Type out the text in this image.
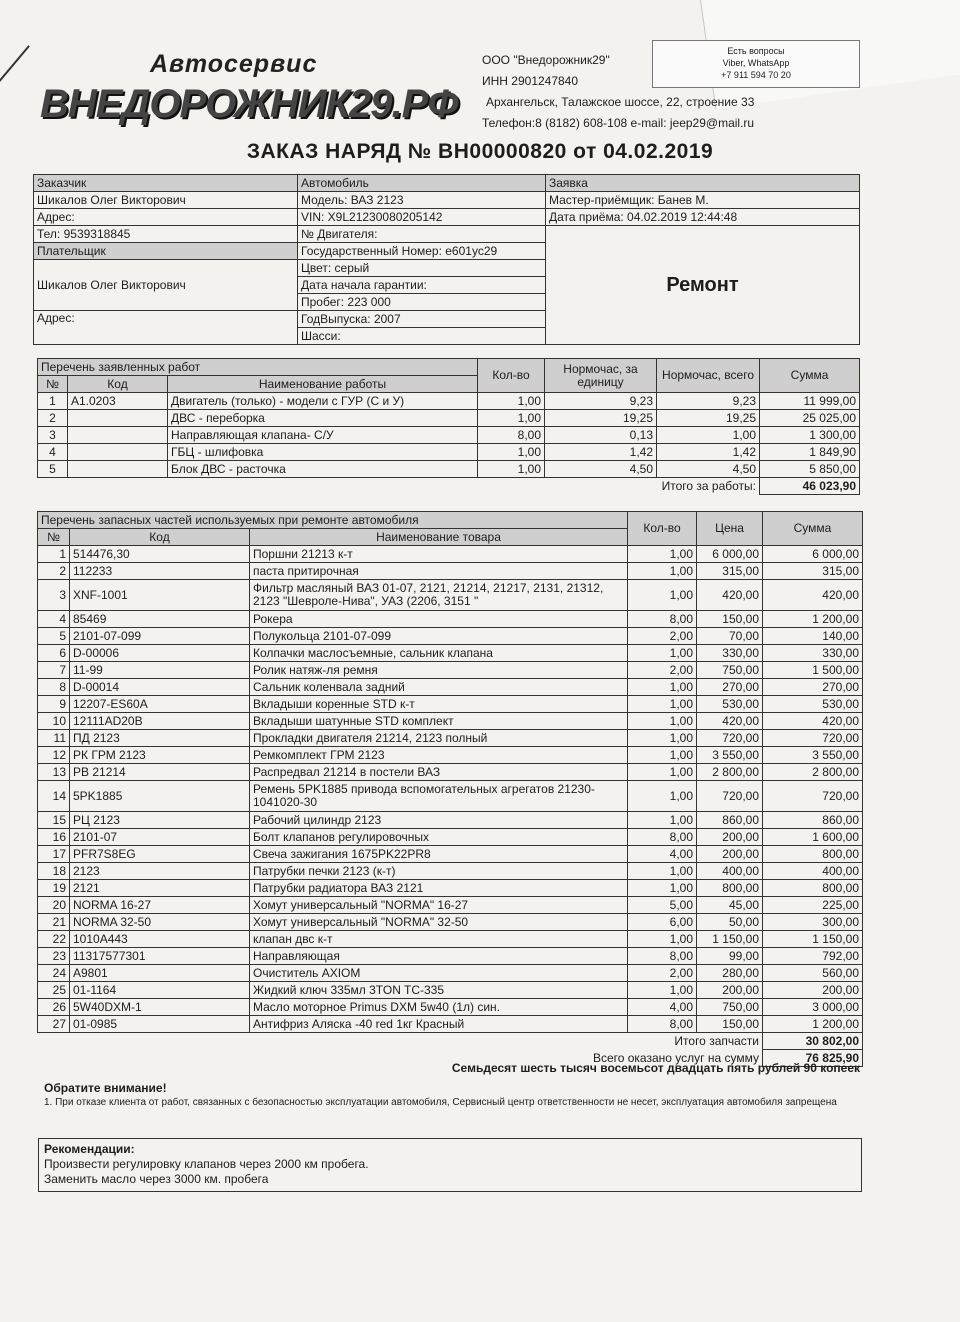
Автосервис
ВНЕДОРОЖНИК29.РФ
ООО "Внедорожник29"
ИНН 2901247840
Архангельск, Талажское шоссе, 22, строение 33
Телефон:8 (8182) 608-108 e-mail: jeep29@mail.ru
Есть вопросы
Viber, WhatsApp
+7 911 594 70 20
ЗАКАЗ НАРЯД № ВН00000820 от 04.02.2019
Заказчик	Автомобиль	Заявка
Шикалов Олег Викторович	Модель: ВАЗ 2123	Мастер-приёмщик: Банев М.
Адрес:	VIN: X9L21230080205142	Дата приёма: 04.02.2019 12:44:48
Тел: 9539318845	№ Двигателя:	Ремонт
Плательщик	Государственный Номер: е601ус29	
Шикалов Олег Викторович	Цвет: серый	
	Дата начала гарантии:	
	Пробег: 223 000	
Адрес:	ГодВыпуска: 2007	
	Шасси:	
Перечень заявленных работ			Кол-во	Нормочас, за единицу	Нормочас, всего	Сумма
№	Код	Наименование работы				
1	А1.0203	Двигатель (только) - модели с ГУР (С и У)	1,00	9,23	9,23	11 999,00
2		ДВС - переборка	1,00	19,25	19,25	25 025,00
3		Направляющая клапана- С/У	8,00	0,13	1,00	1 300,00
4		ГБЦ - шлифовка	1,00	1,42	1,42	1 849,90
5		Блок ДВС - расточка	1,00	4,50	4,50	5 850,00
Итого за работы:						46 023,90
Перечень запасных частей используемых при ремонте автомобиля			Кол-во	Цена	Сумма
№	Код	Наименование товара			
1	514476,30	Поршни 21213 к-т	1,00	6 000,00	6 000,00
2	112233	паста притирочная	1,00	315,00	315,00
3	XNF-1001	Фильтр масляный ВАЗ 01-07, 2121, 21214, 21217, 2131, 21312, 2123 "Шевроле-Нива", УАЗ (2206, 3151 "	1,00	420,00	420,00
4	85469	Рокера	8,00	150,00	1 200,00
5	2101-07-099	Полукольца 2101-07-099	2,00	70,00	140,00
6	D-00006	Колпачки маслосъемные, сальник клапана	1,00	330,00	330,00
7	11-99	Ролик натяж-ля ремня	2,00	750,00	1 500,00
8	D-00014	Сальник коленвала задний	1,00	270,00	270,00
9	12207-ES60A	Вкладыши коренные STD к-т	1,00	530,00	530,00
10	12111AD20B	Вкладыши шатунные STD комплект	1,00	420,00	420,00
11	ПД 2123	Прокладки двигателя 21214, 2123 полный	1,00	720,00	720,00
12	РК ГРМ 2123	Ремкомплект ГРМ 2123	1,00	3 550,00	3 550,00
13	РВ 21214	Распредвал 21214 в постели ВАЗ	1,00	2 800,00	2 800,00
14	5PK1885	Ремень 5PK1885 привода вспомогательных агрегатов 21230-1041020-30	1,00	720,00	720,00
15	РЦ 2123	Рабочий цилиндр 2123	1,00	860,00	860,00
16	2101-07	Болт клапанов регулировочных	8,00	200,00	1 600,00
17	PFR7S8EG	Свеча зажигания 1675PK22PR8	4,00	200,00	800,00
18	2123	Патрубки печки 2123 (к-т)	1,00	400,00	400,00
19	2121	Патрубки радиатора ВАЗ 2121	1,00	800,00	800,00
20	NORMA 16-27	Хомут универсальный "NORMA" 16-27	5,00	45,00	225,00
21	NORMA 32-50	Хомут универсальный "NORMA" 32-50	6,00	50,00	300,00
22	1010A443	клапан двс к-т	1,00	1 150,00	1 150,00
23	11317577301	Направляющая	8,00	99,00	792,00
24	A9801	Очиститель AXIOM	2,00	280,00	560,00
25	01-1164	Жидкий ключ 335мл 3TON TC-335	1,00	200,00	200,00
26	5W40DXM-1	Масло моторное Primus DXM 5w40 (1л) син.	4,00	750,00	3 000,00
27	01-0985	Антифриз Аляска -40 red 1кг Красный	8,00	150,00	1 200,00
Итого запчасти					30 802,00
Всего оказано услуг на сумму					76 825,90
Семьдесят шесть тысяч восемьсот двадцать пять рублей 90 копеек
Обратите внимание!
1. При отказе клиента от работ, связанных с безопасностью эксплуатации автомобиля, Сервисный центр ответственности не несет, эксплуатация автомобиля запрещена
Рекомендации:
Произвести регулировку клапанов через 2000 км пробега.
Заменить масло через 3000 км. пробега
